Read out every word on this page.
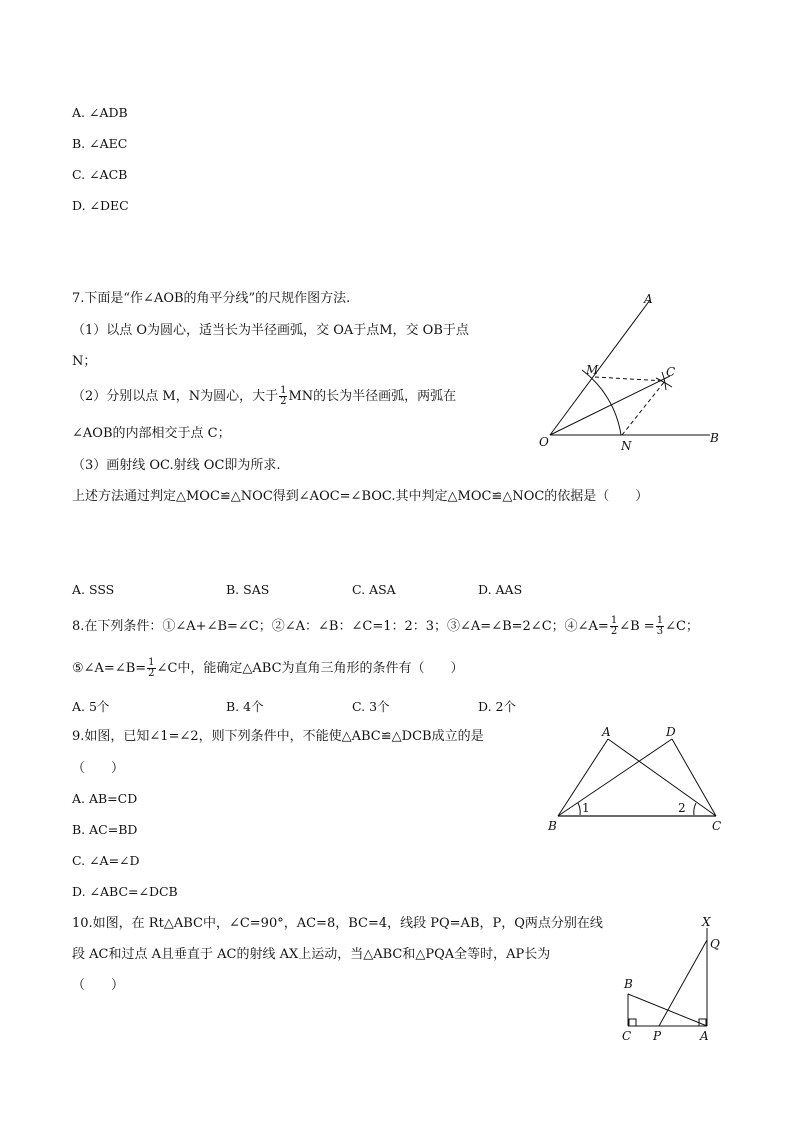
A. ∠ADB
B. ∠AEC
C. ∠ACB
D. ∠DEC
7.下面是“作∠AOB的角平分线”的尺规作图方法.
（1）以点 O为圆心，适当长为半径画弧，交 OA于点M，交 OB于点
N；
（2）分别以点 M，N为圆心，大于 $\frac{1}{2}$ MN的长为半径画弧，两弧在
∠AOB的内部相交于点 C；
（3）画射线 OC.射线 OC即为所求.
上述方法通过判定△MOC≌△NOC得到∠AOC=∠BOC.其中判定△MOC≌△NOC的依据是（　　）
A
M	C
O	N
B
A. SSS	B. SAS	C. ASA	D. AAS
8.在下列条件：①∠A+∠B=∠C；②∠A：∠B：∠C=1：2：3；③∠A=∠B=2∠C；④∠A= $\frac{1}{2}$ ∠B = $\frac{1}{3}$ ∠C；
⑤∠A=∠B= $\frac{1}{2}$ ∠C中，能确定△ABC为直角三角形的条件有（　　）
A. 5个	B. 4个	C. 3个	D. 2个
9.如图，已知∠1=∠2，则下列条件中，不能使△ABC≌△DCB成立的是
（　　）
A. AB=CD
B. AC=BD
C. ∠A=∠D
D. ∠ABC=∠DCB
A	D
B	C
1	2
10.如图，在 Rt△ABC中，∠C=90°，AC=8，BC=4，线段 PQ=AB，P，Q两点分别在线
段 AC和过点 A且垂直于 AC的射线 AX上运动，当△ABC和△PQA全等时，AP长为
（　　）
X
Q
B
C P	A
